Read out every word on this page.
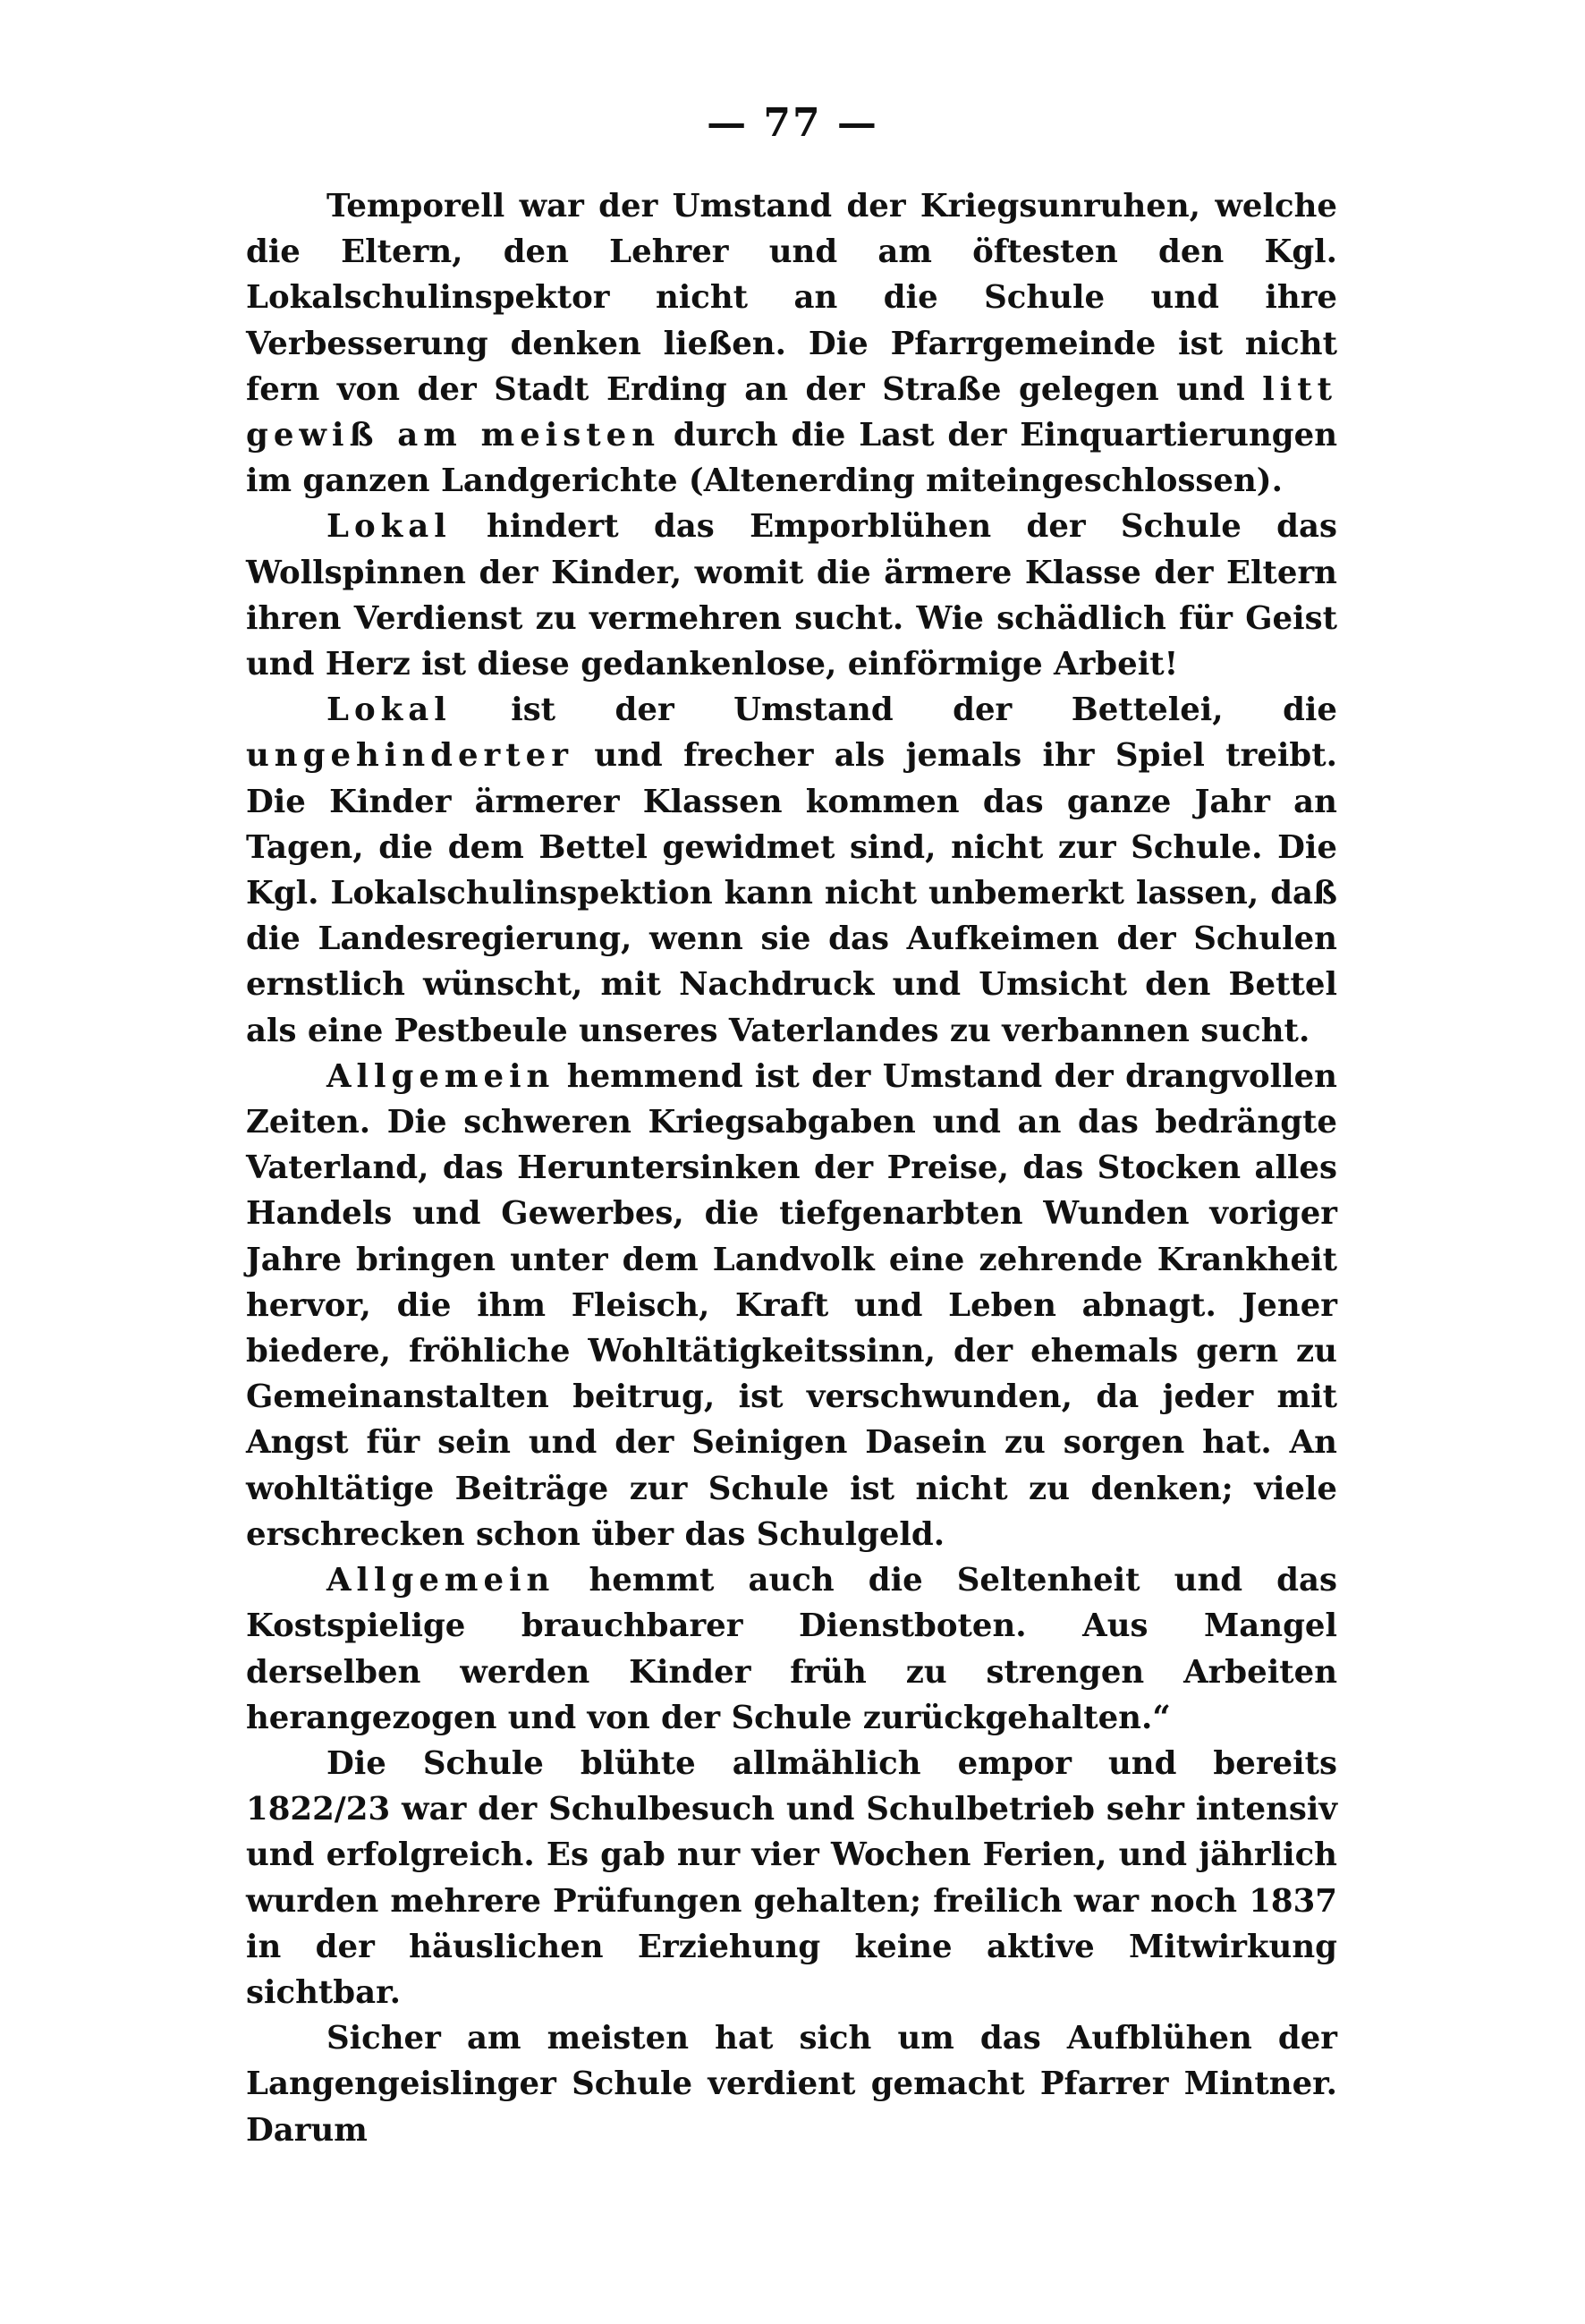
— 77 —

Temporell war der Umstand der Kriegsunruhen, welche die Eltern, den Lehrer und am öftesten den Kgl. Lokalschulinspektor nicht an die Schule und ihre Verbesserung denken ließen. Die Pfarrgemeinde ist nicht fern von der Stadt Erding an der Straße gelegen und litt gewiß am meisten durch die Last der Einquartierungen im ganzen Landgerichte (Altenerding miteingeschlossen).

Lokal hindert das Emporblühen der Schule das Wollspinnen der Kinder, womit die ärmere Klasse der Eltern ihren Verdienst zu vermehren sucht. Wie schädlich für Geist und Herz ist diese gedankenlose, einförmige Arbeit!

Lokal ist der Umstand der Bettelei, die ungehinderter und frecher als jemals ihr Spiel treibt. Die Kinder ärmerer Klassen kommen das ganze Jahr an Tagen, die dem Bettel gewidmet sind, nicht zur Schule. Die Kgl. Lokalschulinspektion kann nicht unbemerkt lassen, daß die Landesregierung, wenn sie das Aufkeimen der Schulen ernstlich wünscht, mit Nachdruck und Umsicht den Bettel als eine Pestbeule unseres Vaterlandes zu verbannen sucht.

Allgemein hemmend ist der Umstand der drangvollen Zeiten. Die schweren Kriegsabgaben und an das bedrängte Vaterland, das Heruntersinken der Preise, das Stocken alles Handels und Gewerbes, die tiefgenarbten Wunden voriger Jahre bringen unter dem Landvolk eine zehrende Krankheit hervor, die ihm Fleisch, Kraft und Leben abnagt. Jener biedere, fröhliche Wohltätigkeitssinn, der ehemals gern zu Gemeinanstalten beitrug, ist verschwunden, da jeder mit Angst für sein und der Seinigen Dasein zu sorgen hat. An wohltätige Beiträge zur Schule ist nicht zu denken; viele erschrecken schon über das Schulgeld.

Allgemein hemmt auch die Seltenheit und das Kostspielige brauchbarer Dienstboten. Aus Mangel derselben werden Kinder früh zu strengen Arbeiten herangezogen und von der Schule zurückgehalten.“

Die Schule blühte allmählich empor und bereits 1822/23 war der Schulbesuch und Schulbetrieb sehr intensiv und erfolgreich. Es gab nur vier Wochen Ferien, und jährlich wurden mehrere Prüfungen gehalten; freilich war noch 1837 in der häuslichen Erziehung keine aktive Mitwirkung sichtbar.

Sicher am meisten hat sich um das Aufblühen der Langengeislinger Schule verdient gemacht Pfarrer Mintner. Darum
